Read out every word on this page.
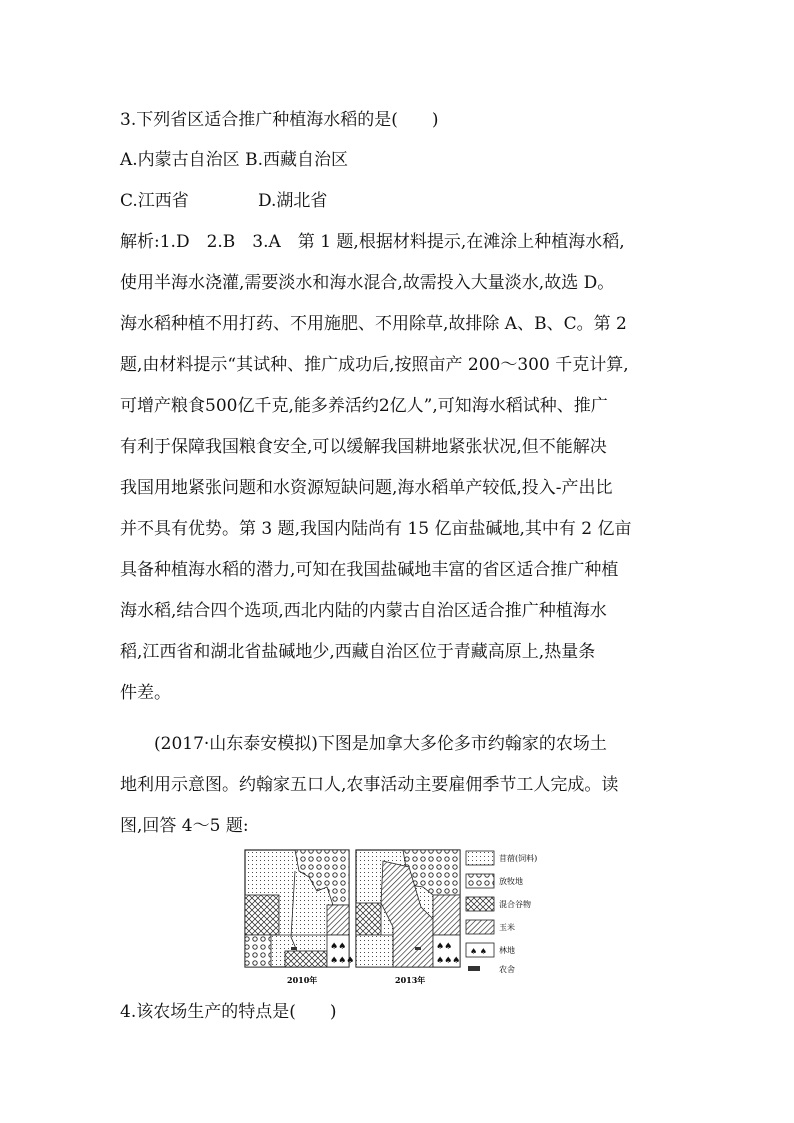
3.下列省区适合推广种植海水稻的是(　　)
A.内蒙古自治区 B.西藏自治区
C.江西省	D.湖北省
解析:1.D　2.B　3.A　第 1 题,根据材料提示,在滩涂上种植海水稻,
使用半海水浇灌,需要淡水和海水混合,故需投入大量淡水,故选 D。
海水稻种植不用打药、不用施肥、不用除草,故排除 A、B、C。第 2
题,由材料提示“其试种、推广成功后,按照亩产 200～300 千克计算,
可增产粮食500亿千克,能多养活约2亿人”,可知海水稻试种、推广
有利于保障我国粮食安全,可以缓解我国耕地紧张状况,但不能解决
我国用地紧张问题和水资源短缺问题,海水稻单产较低,投入-产出比
并不具有优势。第 3 题,我国内陆尚有 15 亿亩盐碱地,其中有 2 亿亩
具备种植海水稻的潜力,可知在我国盐碱地丰富的省区适合推广种植
海水稻,结合四个选项,西北内陆的内蒙古自治区适合推广种植海水
稻,江西省和湖北省盐碱地少,西藏自治区位于青藏高原上,热量条
件差。
(2017·山东泰安模拟)下图是加拿大多伦多市约翰家的农场土
地利用示意图。约翰家五口人,农事活动主要雇佣季节工人完成。读
图,回答 4～5 题:
♠♠
♠♠♠
♠♠
♠♠♠
2010年	2013年
苜蓿(饲料)
放牧地
混合谷物
玉米
♠ ♠ 林地
农舍
4.该农场生产的特点是(　　)
